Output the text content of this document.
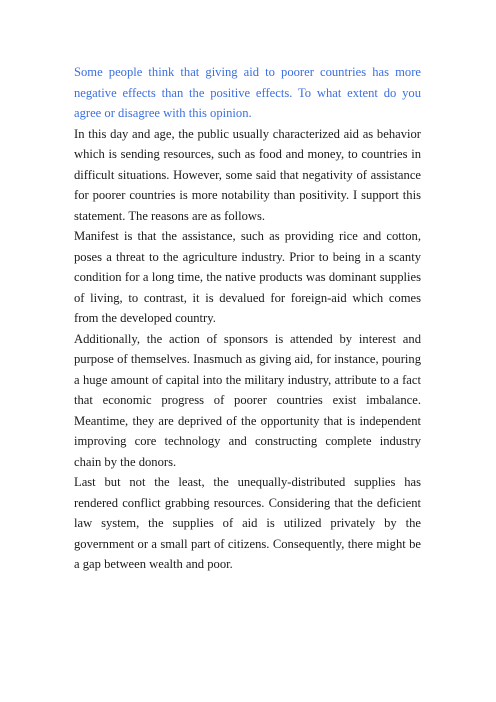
Some people think that giving aid to poorer countries has more negative effects than the positive effects. To what extent do you agree or disagree with this opinion.

In this day and age, the public usually characterized aid as behavior which is sending resources, such as food and money, to countries in difficult situations. However, some said that negativity of assistance for poorer countries is more notability than positivity. I support this statement. The reasons are as follows.

Manifest is that the assistance, such as providing rice and cotton, poses a threat to the agriculture industry. Prior to being in a scanty condition for a long time, the native products was dominant supplies of living, to contrast, it is devalued for foreign-aid which comes from the developed country.

Additionally, the action of sponsors is attended by interest and purpose of themselves. Inasmuch as giving aid, for instance, pouring a huge amount of capital into the military industry, attribute to a fact that economic progress of poorer countries exist imbalance. Meantime, they are deprived of the opportunity that is independent improving core technology and constructing complete industry chain by the donors.

Last but not the least, the unequally-distributed supplies has rendered conflict grabbing resources. Considering that the deficient law system, the supplies of aid is utilized privately by the government or a small part of citizens. Consequently, there might be a gap between wealth and poor.
